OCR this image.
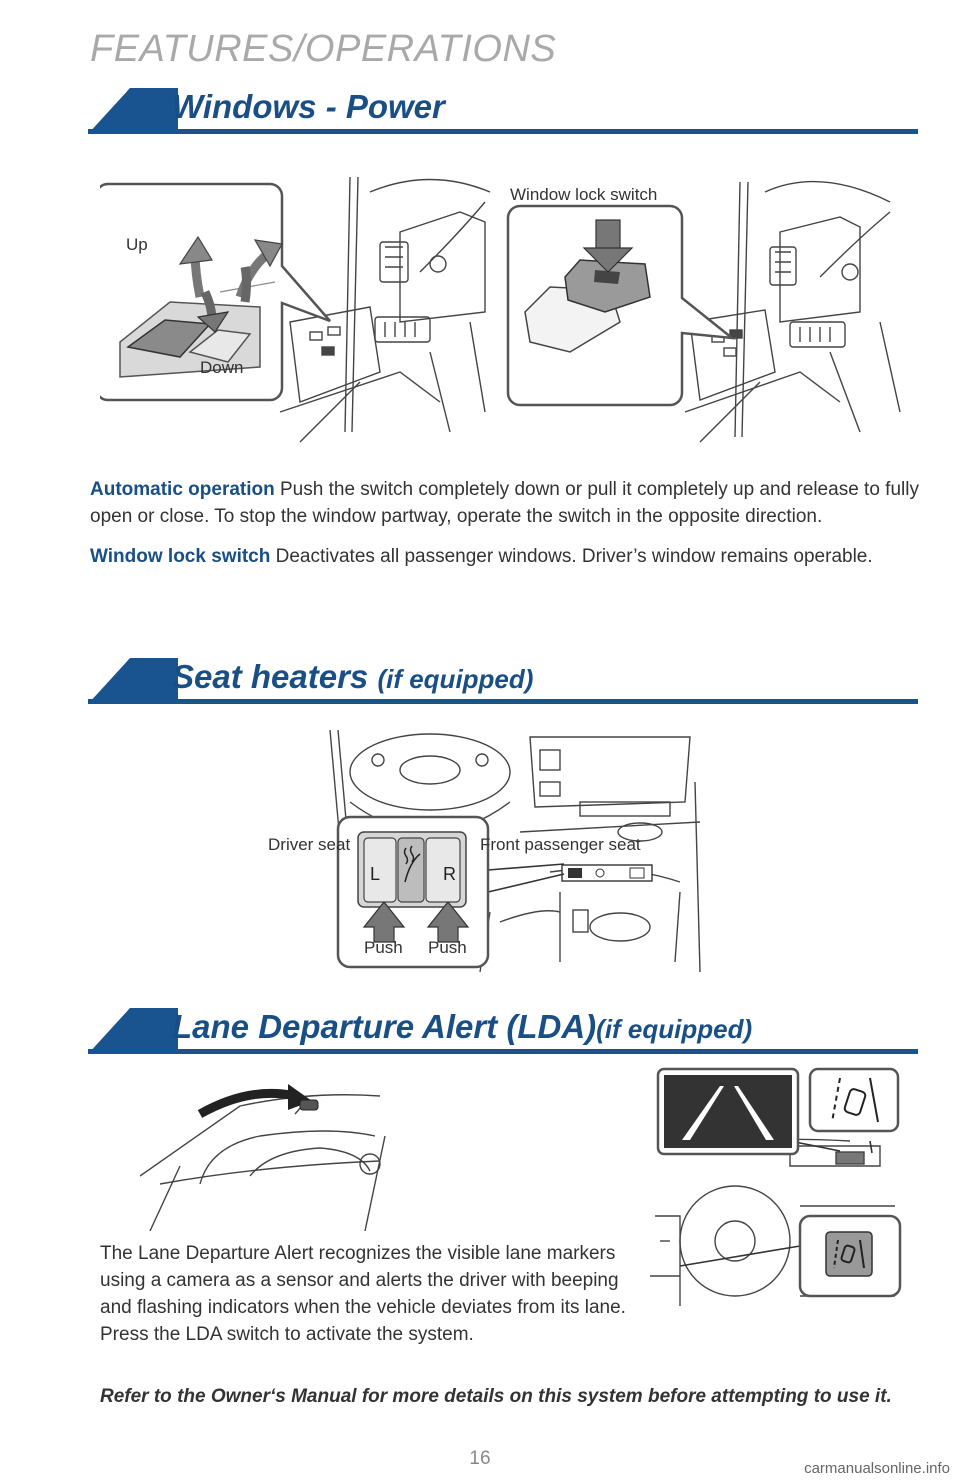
FEATURES/OPERATIONS
Windows - Power
Up
Down
Window lock switch

Automatic operation Push the switch completely down or pull it completely up and release to fully open or close. To stop the window partway, operate the switch in the opposite direction.

Window lock switch Deactivates all passenger windows. Driver’s window remains operable.

Seat heaters (if equipped)
L	R
Push Push
Driver seat	Front passenger seat
Lane Departure Alert (LDA)(if equipped)
The Lane Departure Alert recognizes the visible lane markers using a camera as a sensor and alerts the driver with beeping and flashing indicators when the vehicle deviates from its lane. Press the LDA switch to activate the system.
Refer to the Owner‘s Manual for more details on this system before attempting to use it.
16	carmanualsonline.info
